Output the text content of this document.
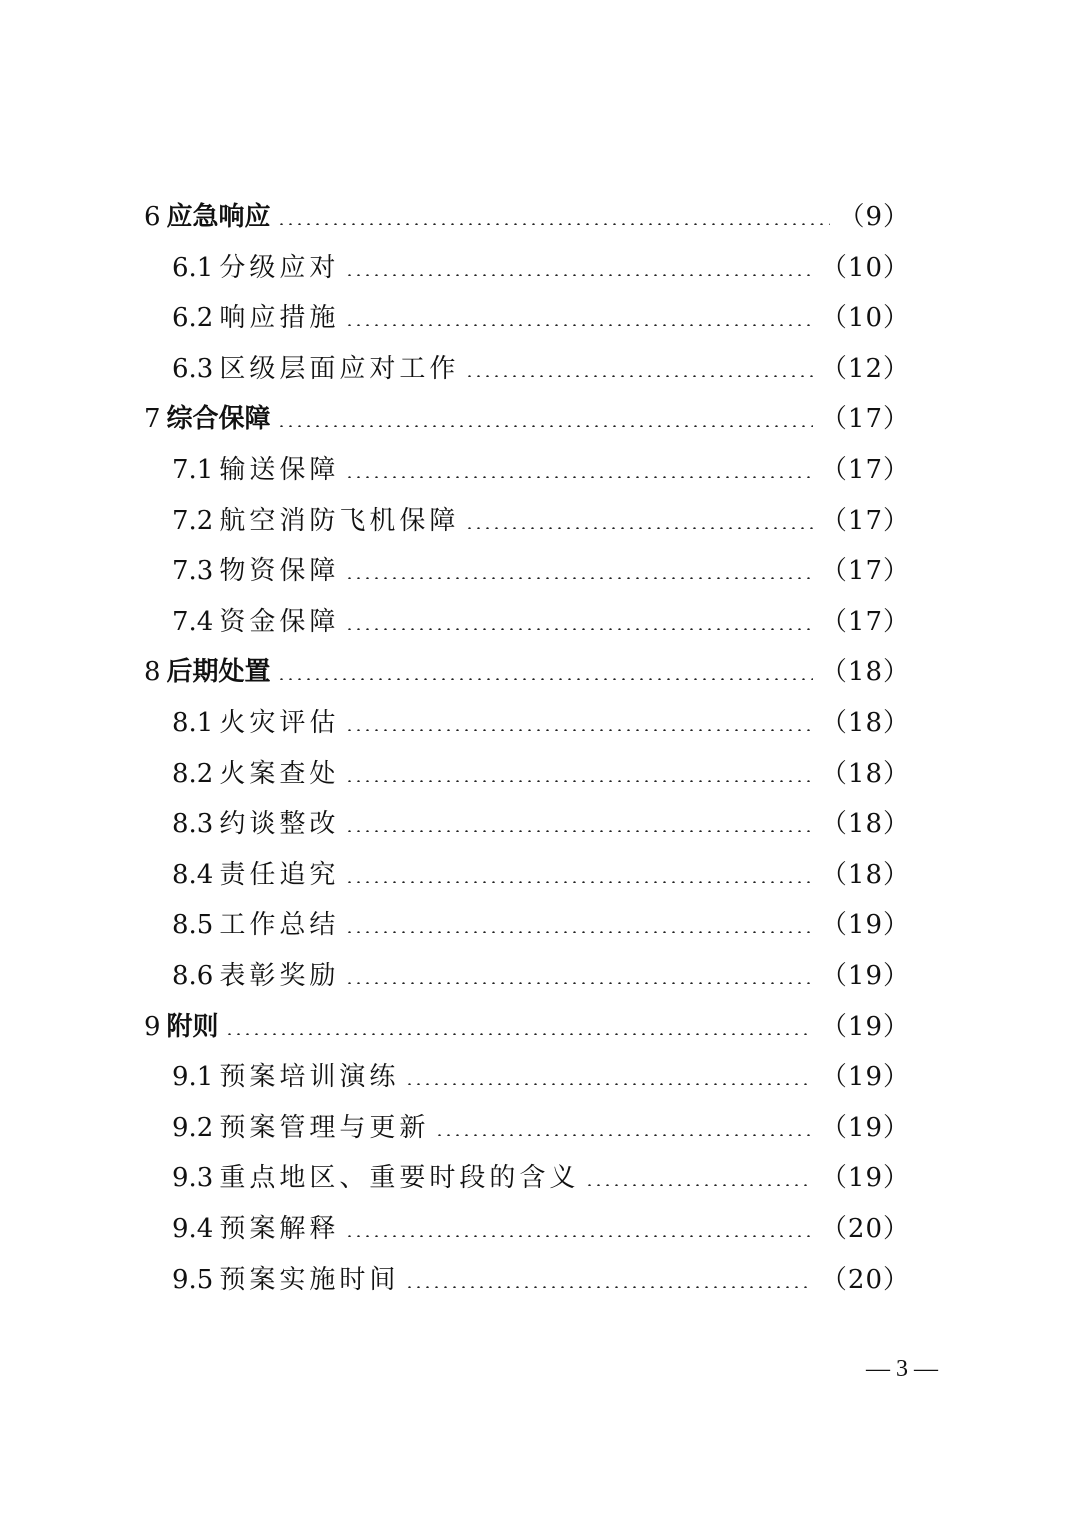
6 应急响应	（9）
6.1 分级应对	（10）
6.2 响应措施	（10）
6.3 区级层面应对工作	（12）
7 综合保障	（17）
7.1 输送保障	（17）
7.2 航空消防飞机保障	（17）
7.3 物资保障	（17）
7.4 资金保障	（17）
8 后期处置	（18）
8.1 火灾评估	（18）
8.2 火案查处	（18）
8.3 约谈整改	（18）
8.4 责任追究	（18）
8.5 工作总结	（19）
8.6 表彰奖励	（19）
9 附则	（19）
9.1 预案培训演练	（19）
9.2 预案管理与更新	（19）
9.3 重点地区、重要时段的含义	（19）
9.4 预案解释	（20）
9.5 预案实施时间	（20）
— 3 —
